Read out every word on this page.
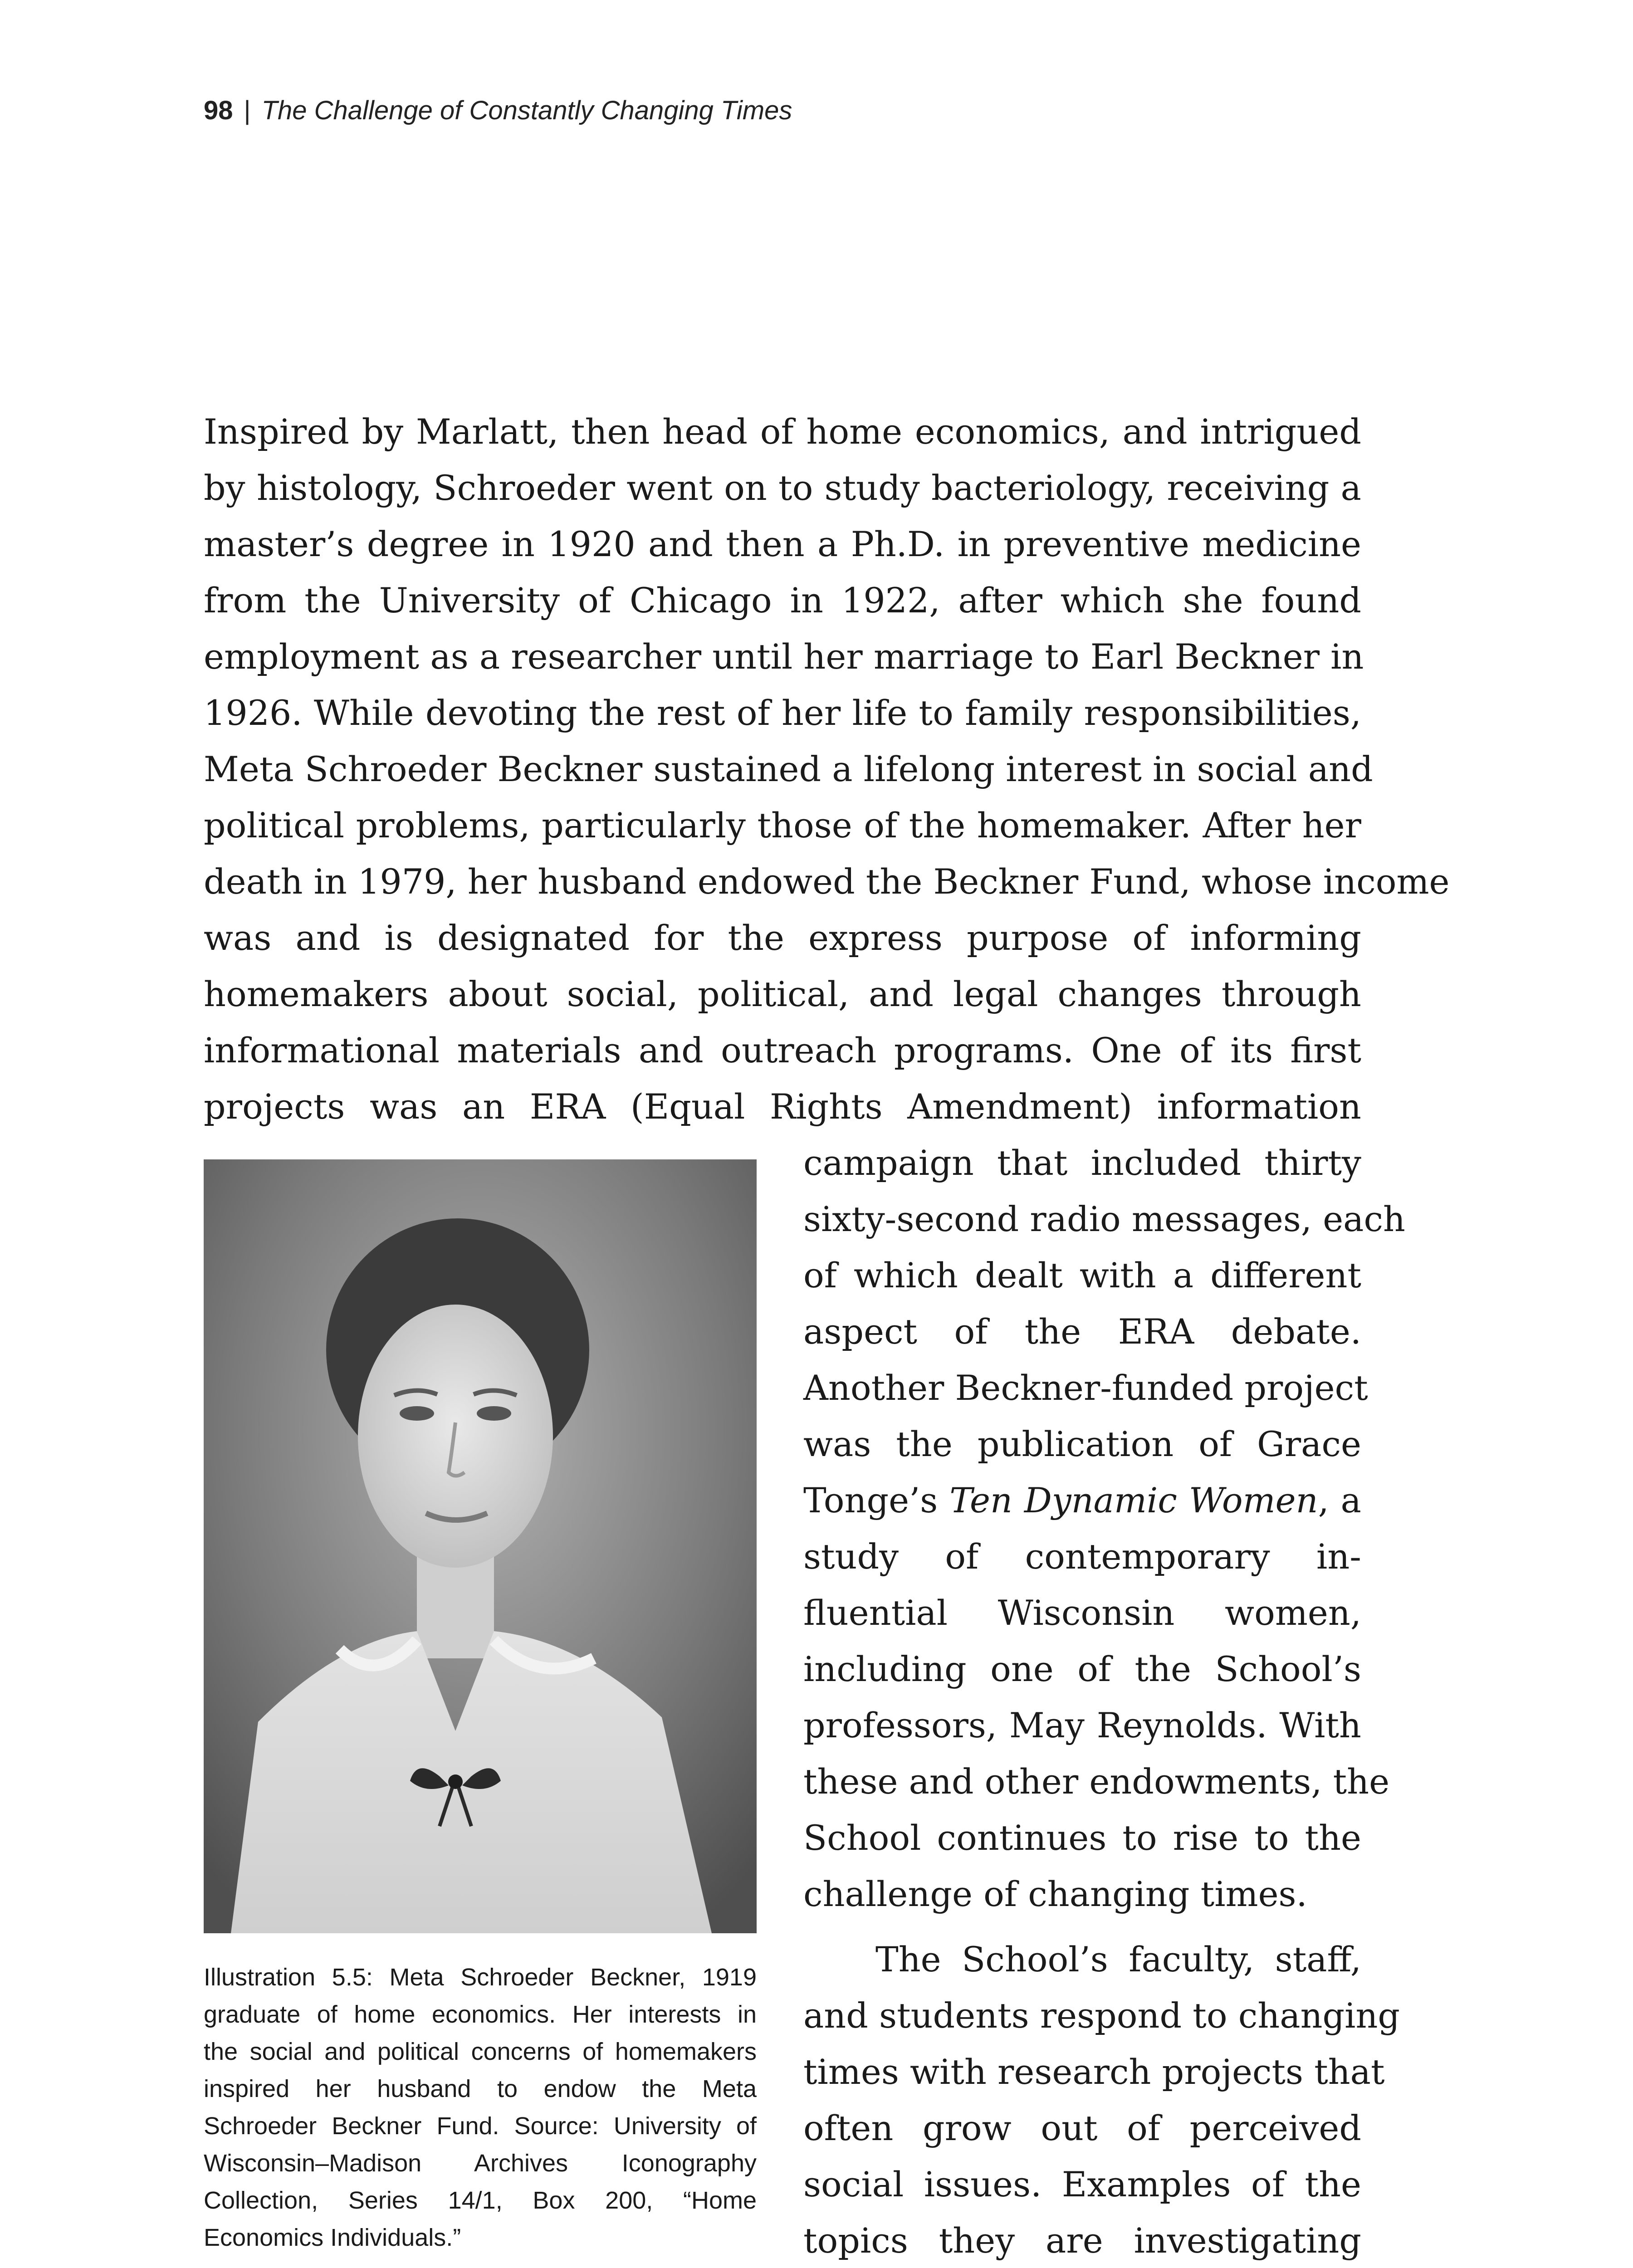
98 | The Challenge of Constantly Changing Times
Inspired by Marlatt, then head of home economics, and intrigued
by histology, Schroeder went on to study bacteriology, receiving a
master’s degree in 1920 and then a Ph.D. in preventive medicine
from the University of Chicago in 1922, after which she found
employment as a researcher until her marriage to Earl Beckner in
1926. While devoting the rest of her life to family responsibilities,
Meta Schroeder Beckner sustained a lifelong interest in social and
political problems, particularly those of the homemaker. After her
death in 1979, her husband endowed the Beckner Fund, whose income
was and is designated for the express purpose of informing
homemakers about social, political, and legal changes through
informational materials and outreach programs. One of its first
projects was an ERA (Equal Rights Amendment) information
Illustration 5.5: Meta Schroeder Beckner, 1919
graduate of home economics. Her interests in
the social and political concerns of homemakers
inspired her husband to endow the Meta
Schroeder Beckner Fund. Source: University of
Wisconsin–Madison Archives Iconography
Collection, Series 14/1, Box 200, “Home
Economics Individuals.”
campaign that included thirty
sixty-second radio messages, each
of which dealt with a different
aspect of the ERA debate.
Another Beckner-funded project
was the publication of Grace
Tonge’s Ten Dynamic Women, a
study of contemporary in-
fluential Wisconsin women,
including one of the School’s
professors, May Reynolds. With
these and other endowments, the
School continues to rise to the
challenge of changing times.
The School’s faculty, staff,
and students respond to changing
times with research projects that
often grow out of perceived
social issues. Examples of the
topics they are investigating
